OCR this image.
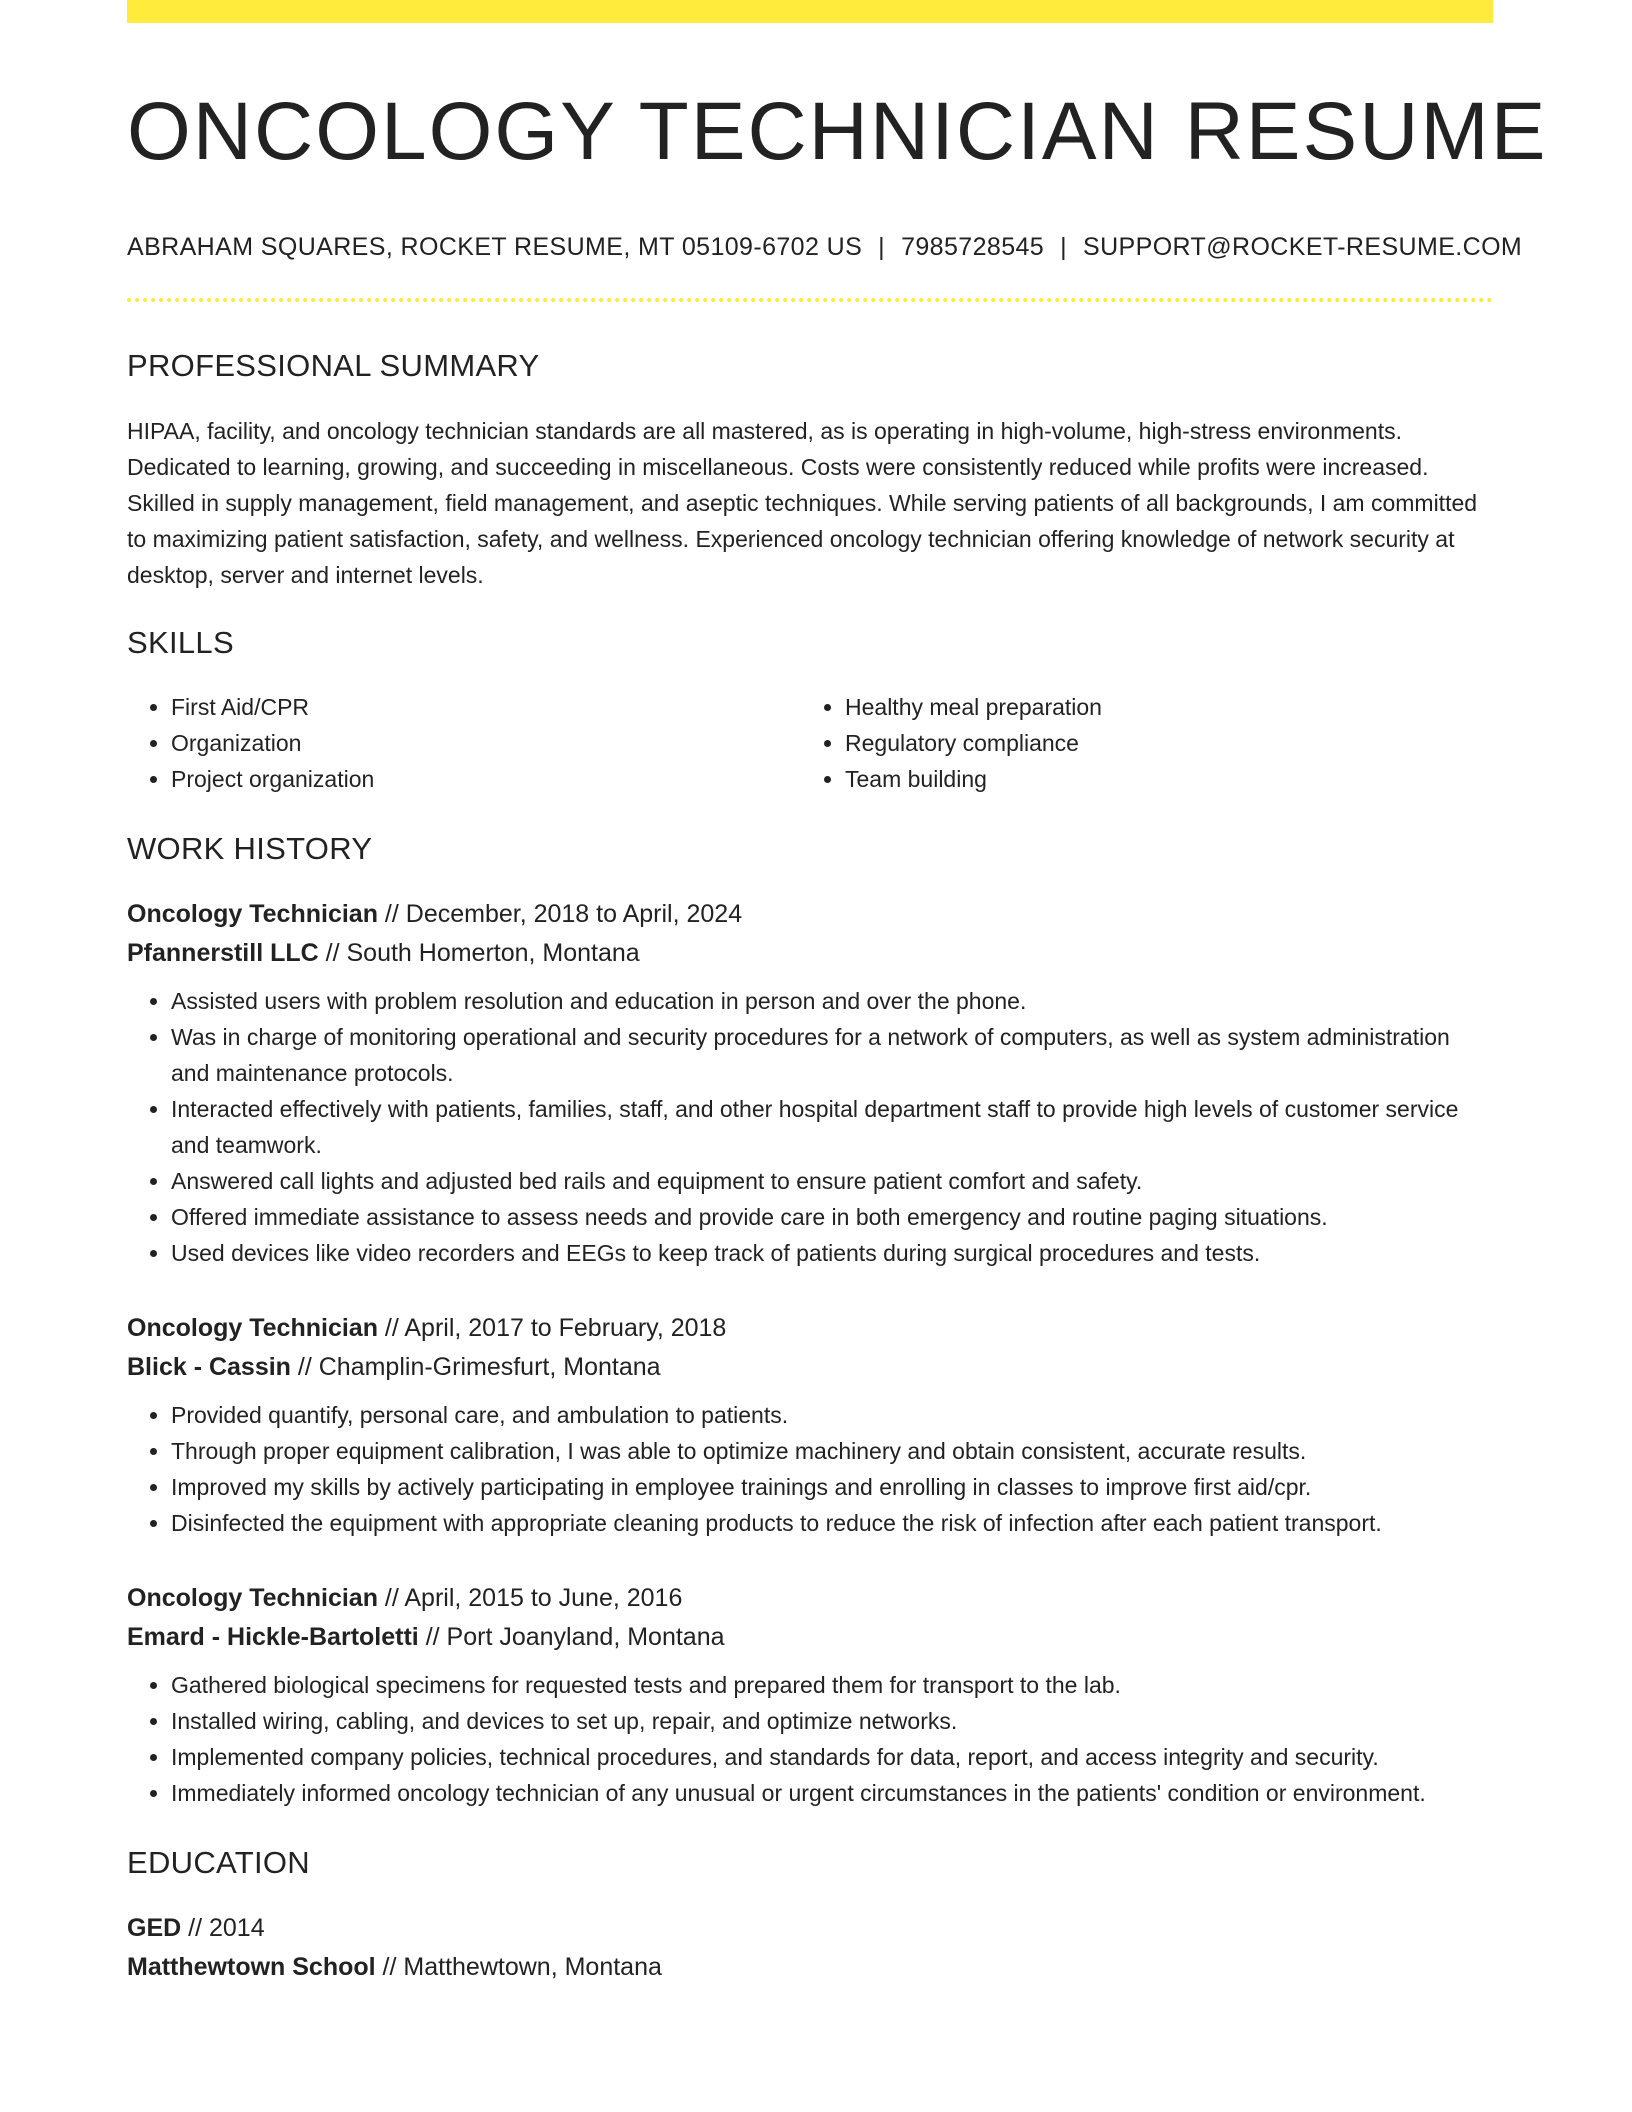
ONCOLOGY TECHNICIAN RESUME
ABRAHAM SQUARES, ROCKET RESUME, MT 05109-6702 US | 7985728545 | SUPPORT@ROCKET-RESUME.COM
PROFESSIONAL SUMMARY

HIPAA, facility, and oncology technician standards are all mastered, as is operating in high-volume, high-stress environments. Dedicated to learning, growing, and succeeding in miscellaneous. Costs were consistently reduced while profits were increased. Skilled in supply management, field management, and aseptic techniques. While serving patients of all backgrounds, I am committed to maximizing patient satisfaction, safety, and wellness. Experienced oncology technician offering knowledge of network security at desktop, server and internet levels.

SKILLS
• First Aid/CPR
• Organization
• Project organization
• Healthy meal preparation
• Regulatory compliance
• Team building
WORK HISTORY
Oncology Technician // December, 2018 to April, 2024
Pfannerstill LLC // South Homerton, Montana
• Assisted users with problem resolution and education in person and over the phone.
• Was in charge of monitoring operational and security procedures for a network of computers, as well as system administration and maintenance protocols.
• Interacted effectively with patients, families, staff, and other hospital department staff to provide high levels of customer service and teamwork.
• Answered call lights and adjusted bed rails and equipment to ensure patient comfort and safety.
• Offered immediate assistance to assess needs and provide care in both emergency and routine paging situations.
• Used devices like video recorders and EEGs to keep track of patients during surgical procedures and tests.
Oncology Technician // April, 2017 to February, 2018
Blick - Cassin // Champlin-Grimesfurt, Montana
• Provided quantify, personal care, and ambulation to patients.
• Through proper equipment calibration, I was able to optimize machinery and obtain consistent, accurate results.
• Improved my skills by actively participating in employee trainings and enrolling in classes to improve first aid/cpr.
• Disinfected the equipment with appropriate cleaning products to reduce the risk of infection after each patient transport.
Oncology Technician // April, 2015 to June, 2016
Emard - Hickle-Bartoletti // Port Joanyland, Montana
• Gathered biological specimens for requested tests and prepared them for transport to the lab.
• Installed wiring, cabling, and devices to set up, repair, and optimize networks.
• Implemented company policies, technical procedures, and standards for data, report, and access integrity and security.
• Immediately informed oncology technician of any unusual or urgent circumstances in the patients' condition or environment.
EDUCATION
GED // 2014
Matthewtown School // Matthewtown, Montana
